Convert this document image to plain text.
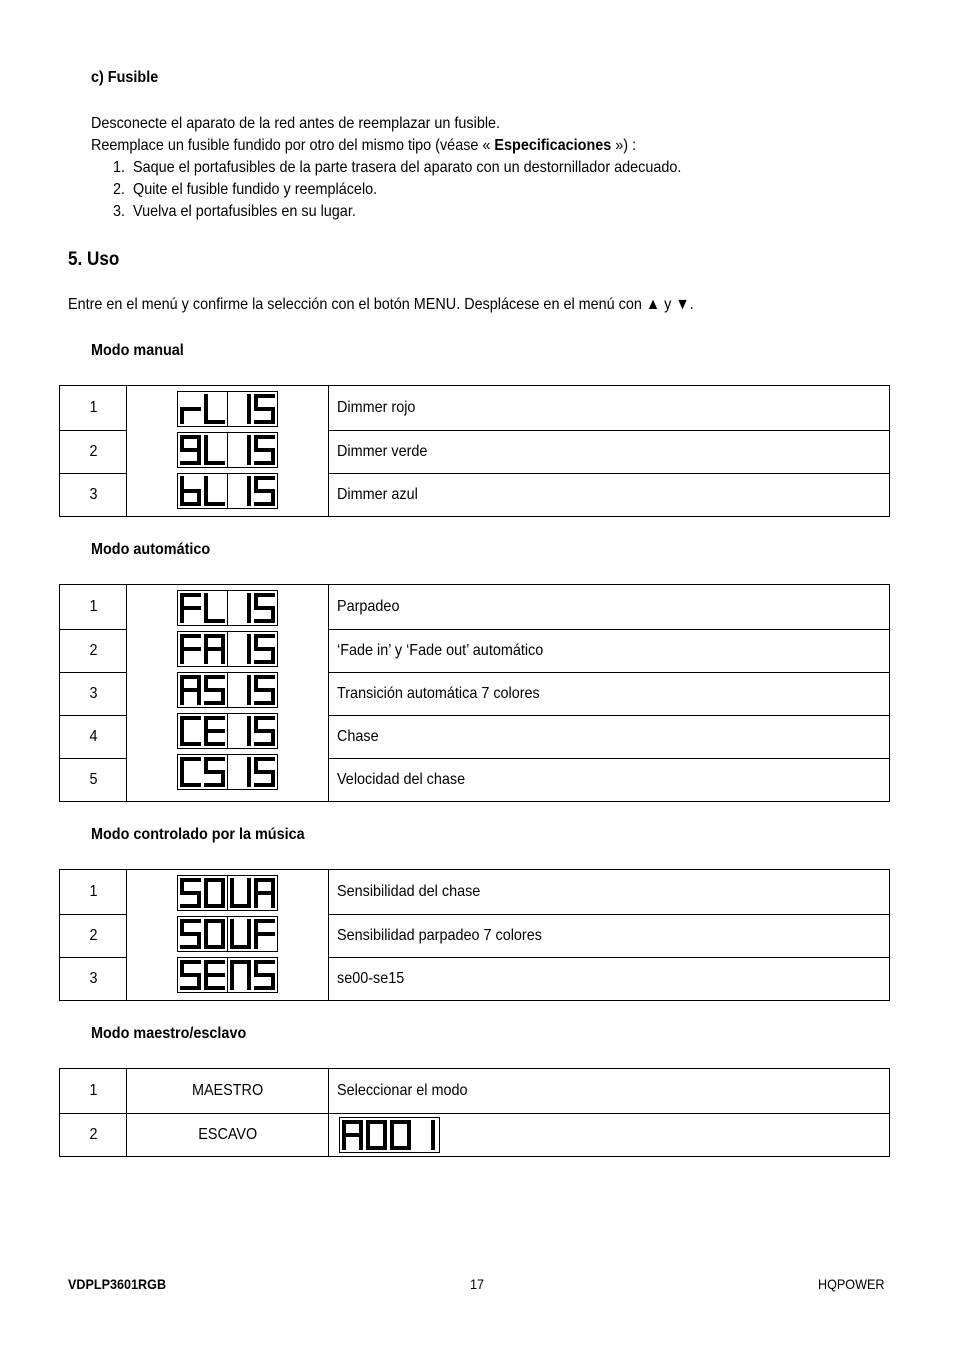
c) Fusible
Desconecte el aparato de la red antes de reemplazar un fusible.
Reemplace un fusible fundido por otro del mismo tipo (véase « Especificaciones ») :
1. Saque el portafusibles de la parte trasera del aparato con un destornillador adecuado.
2. Quite el fusible fundido y reemplácelo.
3. Vuelva el portafusibles en su lugar.
5. Uso
Entre en el menú y confirme la selección con el botón MENU. Desplácese en el menú con ▲ y ▼.
Modo manual
1		Dimmer rojo
2		Dimmer verde
3		Dimmer azul
Modo automático
1		Parpadeo
2		‘Fade in’ y ‘Fade out’ automático
3		Transición automática 7 colores
4		Chase
5		Velocidad del chase
Modo controlado por la música
1		Sensibilidad del chase
2		Sensibilidad parpadeo 7 colores
3		se00-se15
Modo maestro/esclavo
1	MAESTRO	Seleccionar el modo
2	ESCAVO	
VDPLP3601RGB	17	HQPOWER
